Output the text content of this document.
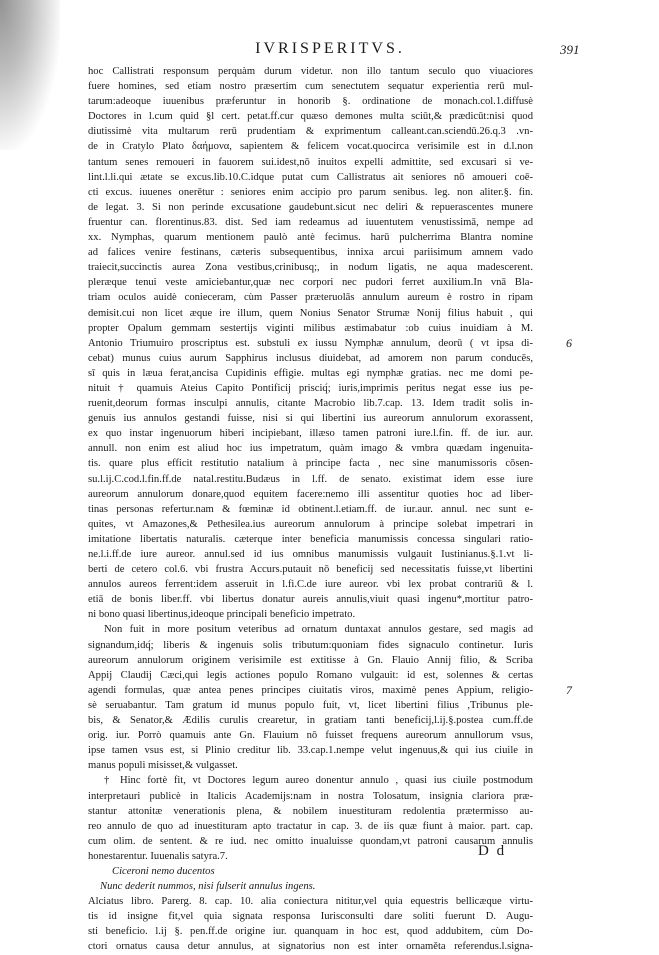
IVRISPERITVS.	391
hoc Callistrati responsum perquàm durum videtur. non illo tantum seculo quo viuaciores
fuere homines, sed etiam nostro præsertim cum senectutem sequatur experientia rerū mul-
tarum:adeoque iuuenibus præferuntur in honorib §. ordinatione de monach.col.1.diffusè
Doctores in l.cum quid §l cert. petat.ff.cur quæso demones multa sciūt,& prædicūt:nisi quod
diutissimè vita multarum rerū prudentiam & exprimentum calleant.can.sciendū.26.q.3 .vn-
de in Cratylo Plato δαήμονα, sapientem & felicem vocat.quocirca verisimile est in d.l.non
tantum senes remoueri in fauorem sui.idest,nō inuitos expelli admittite, sed excusari si ve-
lint.l.li.qui ætate se excus.lib.10.C.idque putat cum Callistratus ait seniores nō amoueri coē-
cti excus. iuuenes onerētur : seniores enim accipio pro parum senibus. leg. non aliter.§. fin.
de legat. 3. Si non perinde excusatione gaudebunt.sicut nec deliri & repuerascentes munere
fruentur can. florentinus.83. dist. Sed iam redeamus ad iuuentutem venustissimā, nempe ad
xx. Nymphas, quarum mentionem paulò antè fecimus. harū pulcherrima Blantra nomine
ad falices venire festinans, cæteris subsequentibus, innixa arcui pariisimum amnem vado
traiecit,succinctis aurea Zona vestibus,crinibusq;, in nodum ligatis, ne aqua madescerent.
pleræque tenui veste amiciebantur,quæ nec corpori nec pudori ferret auxilium.In vnā Bla-
triam oculos auidè conieceram, cùm Passer præteruolās annulum aureum è rostro in ripam
demisit.cui non licet æque ire illum, quem Nonius Senator Strumæ Nonij filius habuit , qui
propter Opalum gemmam sestertijs viginti milibus æstimabatur :ob cuius inuidiam à M.
Antonio Triumuiro proscriptus est. substuli ex iussu Nymphæ annulum, deorū ( vt ipsa di-
cebat) munus cuius aurum Sapphirus inclusus diuidebat, ad amorem non parum conducēs,
sī quis in læua ferat,ancisa Cupidinis effigie. multas egi nymphæ gratias. nec me domi pe-
nituit † quamuis Ateius Capito Pontificij prisciq́; iuris,imprimis peritus negat esse ius pe-
ruenit,deorum formas insculpi annulis, citante Macrobio lib.7.cap. 13. Idem tradit solis in-
genuis ius annulos gestandi fuisse, nisi si qui libertini ius aureorum annulorum exorassent,
ex quo instar ingenuorum hiberi incipiebant, illæso tamen patroni iure.l.fin. ff. de iur. aur.
annull. non enim est aliud hoc ius impetratum, quàm imago & vmbra quædam ingenuita-
tis. quare plus efficit restitutio natalium à principe facta , nec sine manumissoris cōsen-
su.l.ij.C.cod.l.fin.ff.de natal.restitu.Budæus in l.ff. de senato. existimat idem esse iure
aureorum annulorum donare,quod equitem facere:nemo illi assentitur quoties hoc ad liber-
tinas personas refertur.nam & fœminæ id obtinent.l.etiam.ff. de iur.aur. annul. nec sunt e-
quites, vt Amazones,& Pethesilea.ius aureorum annulorum à principe solebat impetrari in
imitatione libertatis naturalis. cæterque inter beneficia manumissis concessa singulari ratio-
ne.l.i.ff.de iure aureor. annul.sed id ius omnibus manumissis vulgauit Iustinianus.§.1.vt li-
berti de cetero col.6. vbi frustra Accurs.putauit nō beneficij sed necessitatis fuisse,vt libertini
annulos aureos ferrent:idem asseruit in l.fi.C.de iure aureor. vbi lex probat contrariū & l.
etiā de bonis liber.ff. vbi libertus donatur aureis annulis,viuit quasi ingenu*,mortitur patro-
ni bono quasi libertinus,ideoque principali beneficio impetrato.
Non fuit in more positum veteribus ad ornatum duntaxat annulos gestare, sed magis ad
signandum,idq́; liberis & ingenuis solis tributum:quoniam fides signaculo continetur. Iuris
aureorum annulorum originem verisimile est extitisse à Gn. Flauio Annij filio, & Scriba
Appij Claudij Cæci,qui legis actiones populo Romano vulgauit: id est, solennes & certas
agendi formulas, quæ antea penes principes ciuitatis viros, maximè penes Appium, religio-
sè seruabantur. Tam gratum id munus populo fuit, vt, licet libertini filius ,Tribunus ple-
bis, & Senator,& Ædilis curulis crearetur, in gratiam tanti beneficij,l.ij.§.postea cum.ff.de
orig. iur. Porrò quamuis ante Gn. Flauium nō fuisset frequens aureorum annullorum vsus,
ipse tamen vsus est, si Plinio creditur lib. 33.cap.1.nempe velut ingenuus,& qui ius ciuile in
manus populi misisset,& vulgasset.
† Hinc fortè fit, vt Doctores legum aureo donentur annulo , quasi ius ciuile postmodum
interpretauri publicè in Italicis Academijs:nam in nostra Tolosatum, insignia clariora præ-
stantur attonitæ venerationis plena, & nobilem inuestituram redolentia prætermisso au-
reo annulo de quo ad inuestituram apto tractatur in cap. 3. de iis quæ fiunt à maior. part. cap.
cum olim. de sentent. & re iud. nec omitto inualuisse quondam,vt patroni causarum annulis
honestarentur. Iuuenalis satyra.7.
Ciceroni nemo ducentos
Nunc dederit nummos, nisi fulserit annulus ingens.
Alciatus libro. Parerg. 8. cap. 10. alia coniectura nititur,vel quia equestris bellicæque virtu-
tis id insigne fit,vel quia signata responsa Iurisconsulti dare soliti fuerunt D. Augu-
sti beneficio. l.ij §. pen.ff.de origine iur. quanquam in hoc est, quod addubitem, cùm Do-
ctori ornatus causa detur annulus, at signatorius non est inter ornaměta referendus.l.signa-
6
7
D d
